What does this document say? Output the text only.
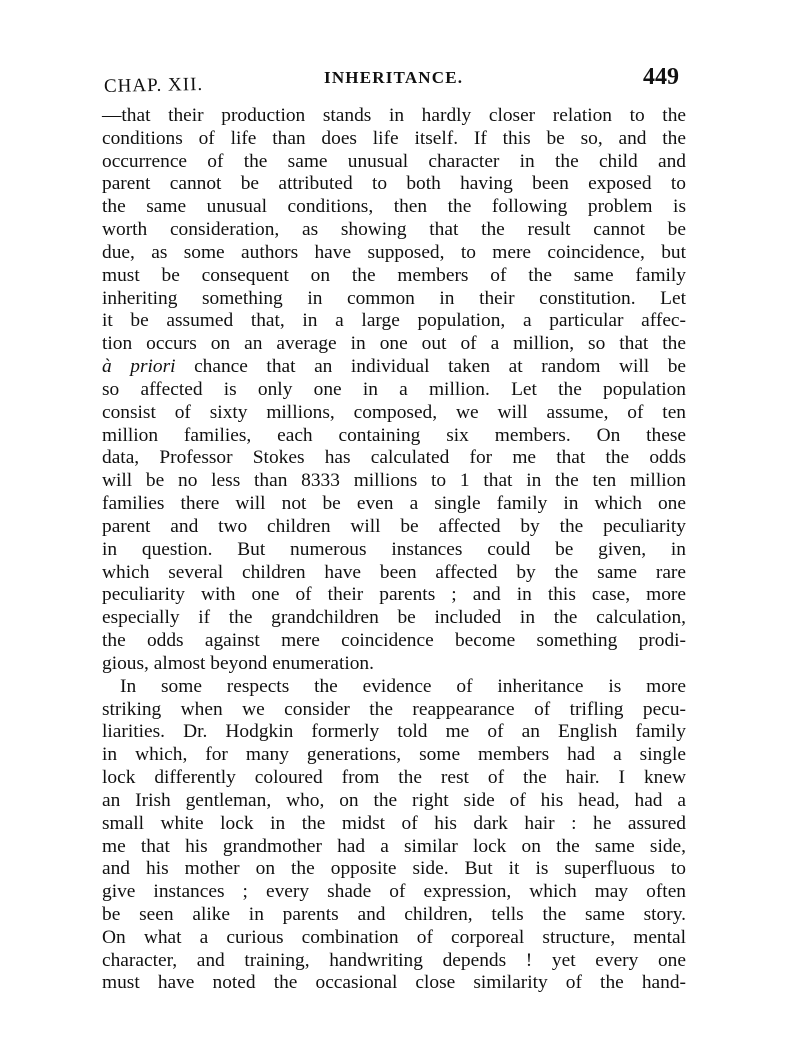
CHAP. XII.	INHERITANCE.	449
—that their production stands in hardly closer relation to the
conditions of life than does life itself. If this be so, and the
occurrence of the same unusual character in the child and
parent cannot be attributed to both having been exposed to
the same unusual conditions, then the following problem is
worth consideration, as showing that the result cannot be
due, as some authors have supposed, to mere coincidence, but
must be consequent on the members of the same family
inheriting something in common in their constitution. Let
it be assumed that, in a large population, a particular affec-
tion occurs on an average in one out of a million, so that the
à priori chance that an individual taken at random will be
so affected is only one in a million. Let the population
consist of sixty millions, composed, we will assume, of ten
million families, each containing six members. On these
data, Professor Stokes has calculated for me that the odds
will be no less than 8333 millions to 1 that in the ten million
families there will not be even a single family in which one
parent and two children will be affected by the peculiarity
in question. But numerous instances could be given, in
which several children have been affected by the same rare
peculiarity with one of their parents ; and in this case, more
especially if the grandchildren be included in the calculation,
the odds against mere coincidence become something prodi-
gious, almost beyond enumeration.
In some respects the evidence of inheritance is more
striking when we consider the reappearance of trifling pecu-
liarities. Dr. Hodgkin formerly told me of an English family
in which, for many generations, some members had a single
lock differently coloured from the rest of the hair. I knew
an Irish gentleman, who, on the right side of his head, had a
small white lock in the midst of his dark hair : he assured
me that his grandmother had a similar lock on the same side,
and his mother on the opposite side. But it is superfluous to
give instances ; every shade of expression, which may often
be seen alike in parents and children, tells the same story.
On what a curious combination of corporeal structure, mental
character, and training, handwriting depends ! yet every one
must have noted the occasional close similarity of the hand-
